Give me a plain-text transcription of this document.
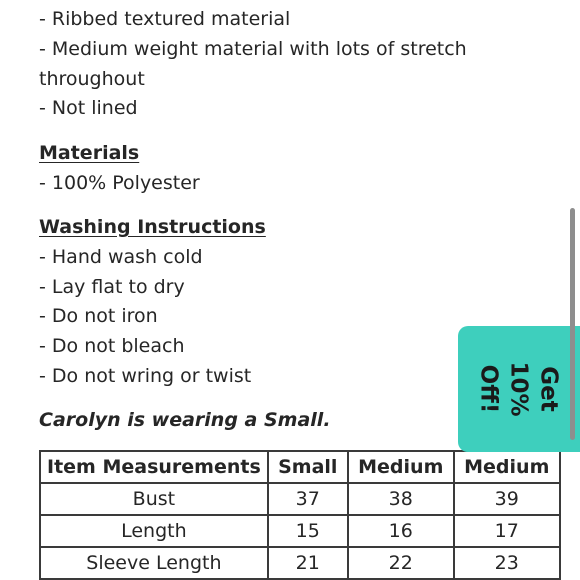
- Ribbed textured material
- Medium weight material with lots of stretch
throughout
- Not lined
Materials
- 100% Polyester
Washing Instructions
- Hand wash cold
- Lay flat to dry
- Do not iron
- Do not bleach
- Do not wring or twist
Carolyn is wearing a Small.
Item Measurements	Small	Medium	Medium
Bust	37	38	39
Length	15	16	17
Sleeve Length	21	22	23
Get
10%
Off!
